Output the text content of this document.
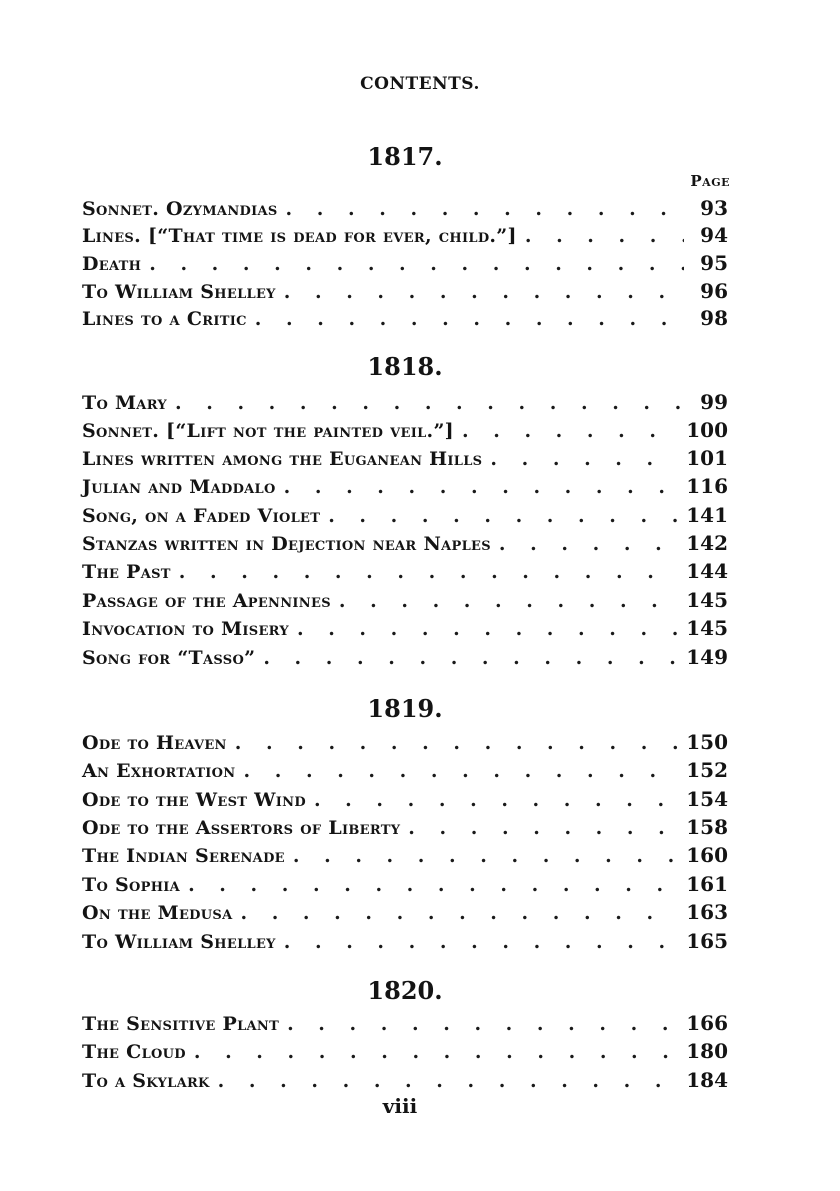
CONTENTS.
1817.
Page
Sonnet. Ozymandias . . .	93
Lines. [“That time is dead for ever, child.”] . . .	94
Death . . .	95
To William Shelley . . .	96
Lines to a Critic . . .	98
1818.
To Mary . . .	99
Sonnet. [“Lift not the painted veil.”] . . .	100
Lines written among the Euganean Hills . . .	101
Julian and Maddalo . . .	116
Song, on a Faded Violet . . .	141
Stanzas written in Dejection near Naples . . .	142
The Past . . .	144
Passage of the Apennines . . .	145
Invocation to Misery . . .	145
Song for “Tasso” . . .	149
1819.
Ode to Heaven . . .	150
An Exhortation . . .	152
Ode to the West Wind . . .	154
Ode to the Assertors of Liberty . . .	158
The Indian Serenade . . .	160
To Sophia . . .	161
On the Medusa . . .	163
To William Shelley . . .	165
1820.
The Sensitive Plant . . .	166
The Cloud . . .	180
To a Skylark . . .	184
viii
